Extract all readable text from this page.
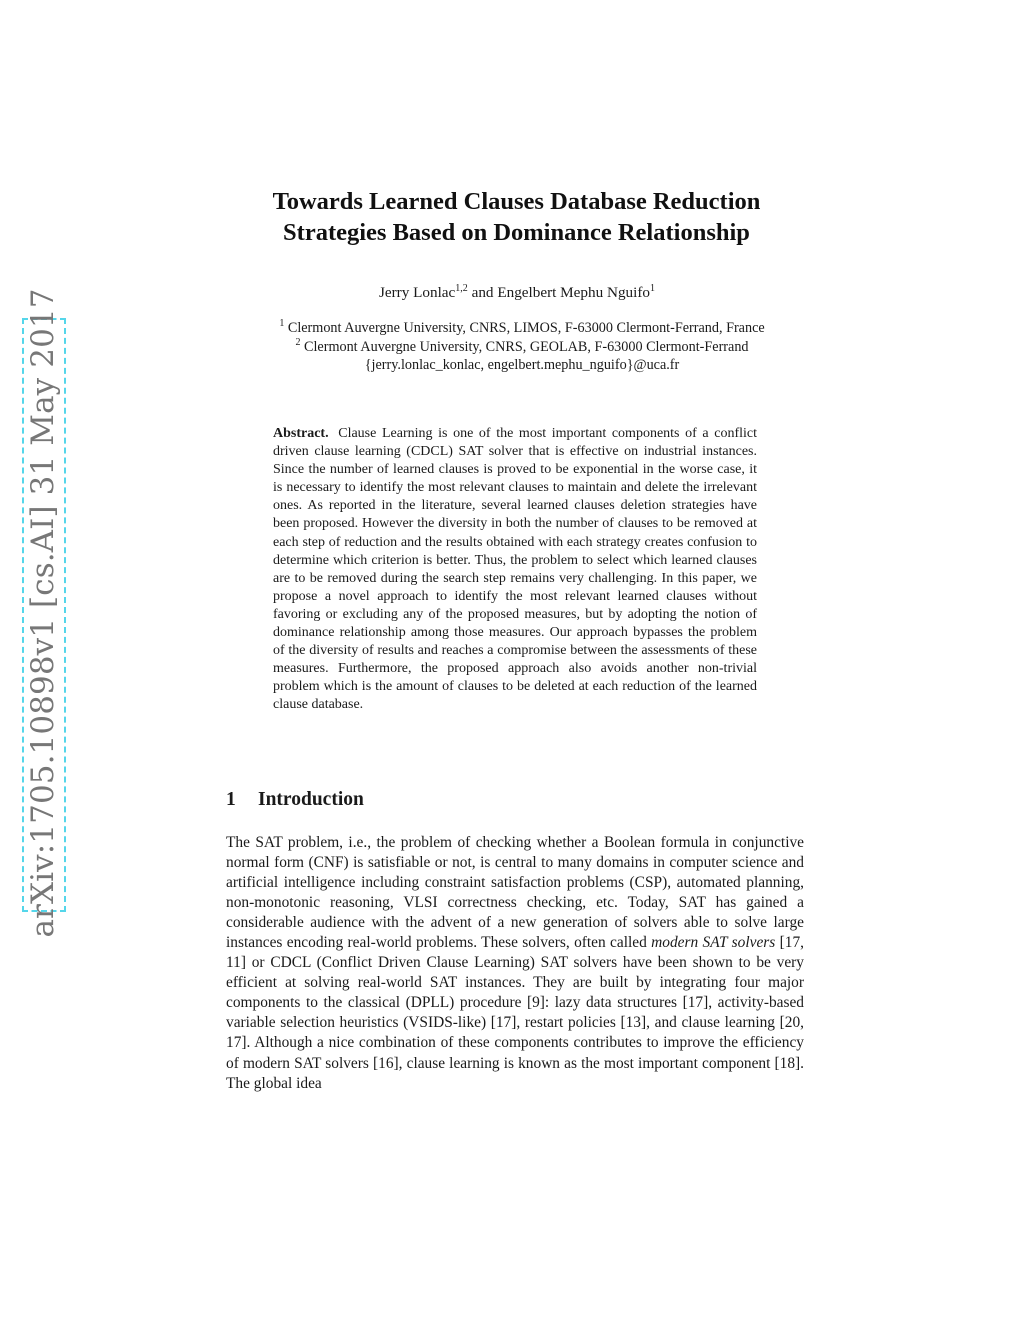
arXiv:1705.10898v1 [cs.AI] 31 May 2017
Towards Learned Clauses Database Reduction
Strategies Based on Dominance Relationship
Jerry Lonlac$^{1,2}$ and Engelbert Mephu Nguifo$^1$
$^1$ Clermont Auvergne University, CNRS, LIMOS, F-63000 Clermont-Ferrand, France
$^2$ Clermont Auvergne University, CNRS, GEOLAB, F-63000 Clermont-Ferrand
{jerry.lonlac_konlac, engelbert.mephu_nguifo}@uca.fr
Abstract. Clause Learning is one of the most important components of a conflict driven clause learning (CDCL) SAT solver that is effective on industrial instances. Since the number of learned clauses is proved to be exponential in the worse case, it is necessary to identify the most relevant clauses to maintain and delete the irrelevant ones. As reported in the literature, several learned clauses deletion strategies have been proposed. However the diversity in both the number of clauses to be removed at each step of reduction and the results obtained with each strategy creates confusion to determine which criterion is better. Thus, the problem to select which learned clauses are to be removed during the search step remains very challenging. In this paper, we propose a novel approach to identify the most relevant learned clauses without favoring or excluding any of the proposed measures, but by adopting the notion of dominance relationship among those measures. Our approach bypasses the problem of the diversity of results and reaches a compromise between the assessments of these measures. Furthermore, the proposed approach also avoids another non-trivial problem which is the amount of clauses to be deleted at each reduction of the learned clause database.
1 Introduction

The SAT problem, i.e., the problem of checking whether a Boolean formula in conjunctive normal form (CNF) is satisfiable or not, is central to many domains in computer science and artificial intelligence including constraint satisfaction problems (CSP), automated planning, non-monotonic reasoning, VLSI correctness checking, etc. Today, SAT has gained a considerable audience with the advent of a new generation of solvers able to solve large instances encoding real-world problems. These solvers, often called modern SAT solvers [17, 11] or CDCL (Conflict Driven Clause Learning) SAT solvers have been shown to be very efficient at solving real-world SAT instances. They are built by integrating four major components to the classical (DPLL) procedure [9]: lazy data structures [17], activity-based variable selection heuristics (VSIDS-like) [17], restart policies [13], and clause learning [20, 17]. Although a nice combination of these components contributes to improve the efficiency of modern SAT solvers [16], clause learning is known as the most important component [18]. The global idea
